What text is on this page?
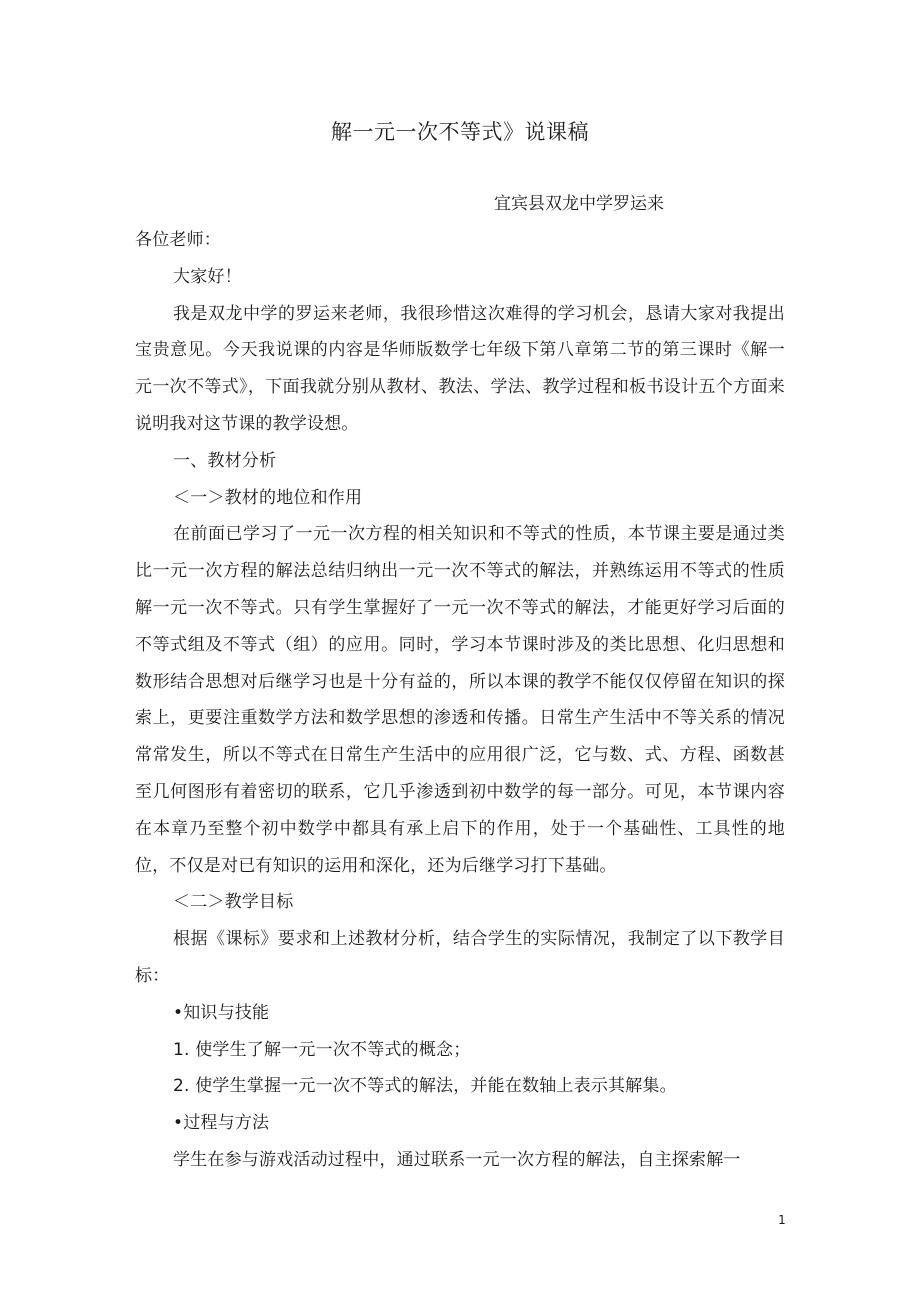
解一元一次不等式》说课稿

宜宾县双龙中学罗运来

各位老师：

大家好！

我是双龙中学的罗运来老师，我很珍惜这次难得的学习机会，恳请大家对我提出宝贵意见。今天我说课的内容是华师版数学七年级下第八章第二节的第三课时《解一元一次不等式》，下面我就分别从教材、教法、学法、教学过程和板书设计五个方面来说明我对这节课的教学设想。

一、教材分析

＜一＞教材的地位和作用

在前面已学习了一元一次方程的相关知识和不等式的性质，本节课主要是通过类比一元一次方程的解法总结归纳出一元一次不等式的解法，并熟练运用不等式的性质解一元一次不等式。只有学生掌握好了一元一次不等式的解法，才能更好学习后面的不等式组及不等式（组）的应用。同时，学习本节课时涉及的类比思想、化归思想和数形结合思想对后继学习也是十分有益的，所以本课的教学不能仅仅停留在知识的探索上，更要注重数学方法和数学思想的渗透和传播。日常生产生活中不等关系的情况常常发生，所以不等式在日常生产生活中的应用很广泛，它与数、式、方程、函数甚至几何图形有着密切的联系，它几乎渗透到初中数学的每一部分。可见，本节课内容在本章乃至整个初中数学中都具有承上启下的作用，处于一个基础性、工具性的地位，不仅是对已有知识的运用和深化，还为后继学习打下基础。

＜二＞教学目标

根据《课标》要求和上述教材分析，结合学生的实际情况，我制定了以下教学目标：

•知识与技能

1. 使学生了解一元一次不等式的概念；

2. 使学生掌握一元一次不等式的解法，并能在数轴上表示其解集。

•过程与方法

学生在参与游戏活动过程中，通过联系一元一次方程的解法，自主探索解一

1
